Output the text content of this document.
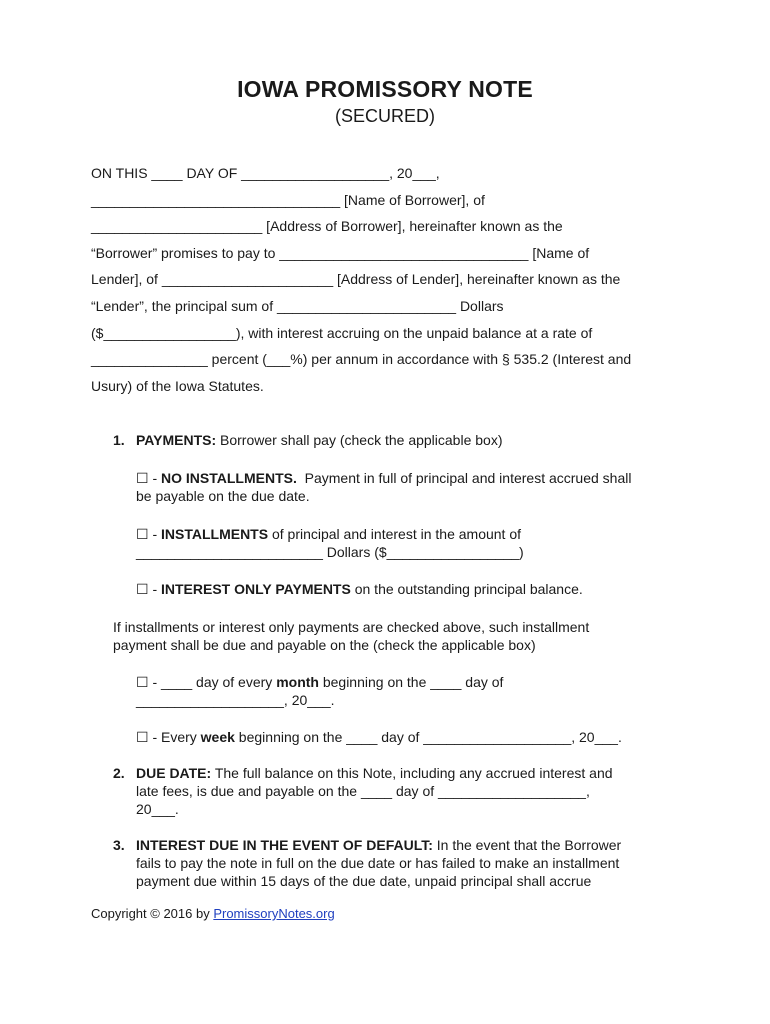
IOWA PROMISSORY NOTE
(SECURED)
ON THIS ____ DAY OF ___________________, 20___,
________________________________ [Name of Borrower], of
______________________ [Address of Borrower], hereinafter known as the
“Borrower” promises to pay to ________________________________ [Name of
Lender], of ______________________ [Address of Lender], hereinafter known as the
“Lender”, the principal sum of _______________________ Dollars
($_________________), with interest accruing on the unpaid balance at a rate of
_______________ percent (___%) per annum in accordance with § 535.2 (Interest and
Usury) of the Iowa Statutes.
1. PAYMENTS: Borrower shall pay (check the applicable box)
☐ - NO INSTALLMENTS.  Payment in full of principal and interest accrued shall
be payable on the due date.
☐ - INSTALLMENTS of principal and interest in the amount of
________________________ Dollars ($_________________)
☐ - INTEREST ONLY PAYMENTS on the outstanding principal balance.
If installments or interest only payments are checked above, such installment
payment shall be due and payable on the (check the applicable box)
☐ - ____ day of every month beginning on the ____ day of
___________________, 20___.
☐ - Every week beginning on the ____ day of ___________________, 20___.
2. DUE DATE: The full balance on this Note, including any accrued interest and
late fees, is due and payable on the ____ day of ___________________,
20___.
3. INTEREST DUE IN THE EVENT OF DEFAULT: In the event that the Borrower
fails to pay the note in full on the due date or has failed to make an installment
payment due within 15 days of the due date, unpaid principal shall accrue
Copyright © 2016 by PromissoryNotes.org
